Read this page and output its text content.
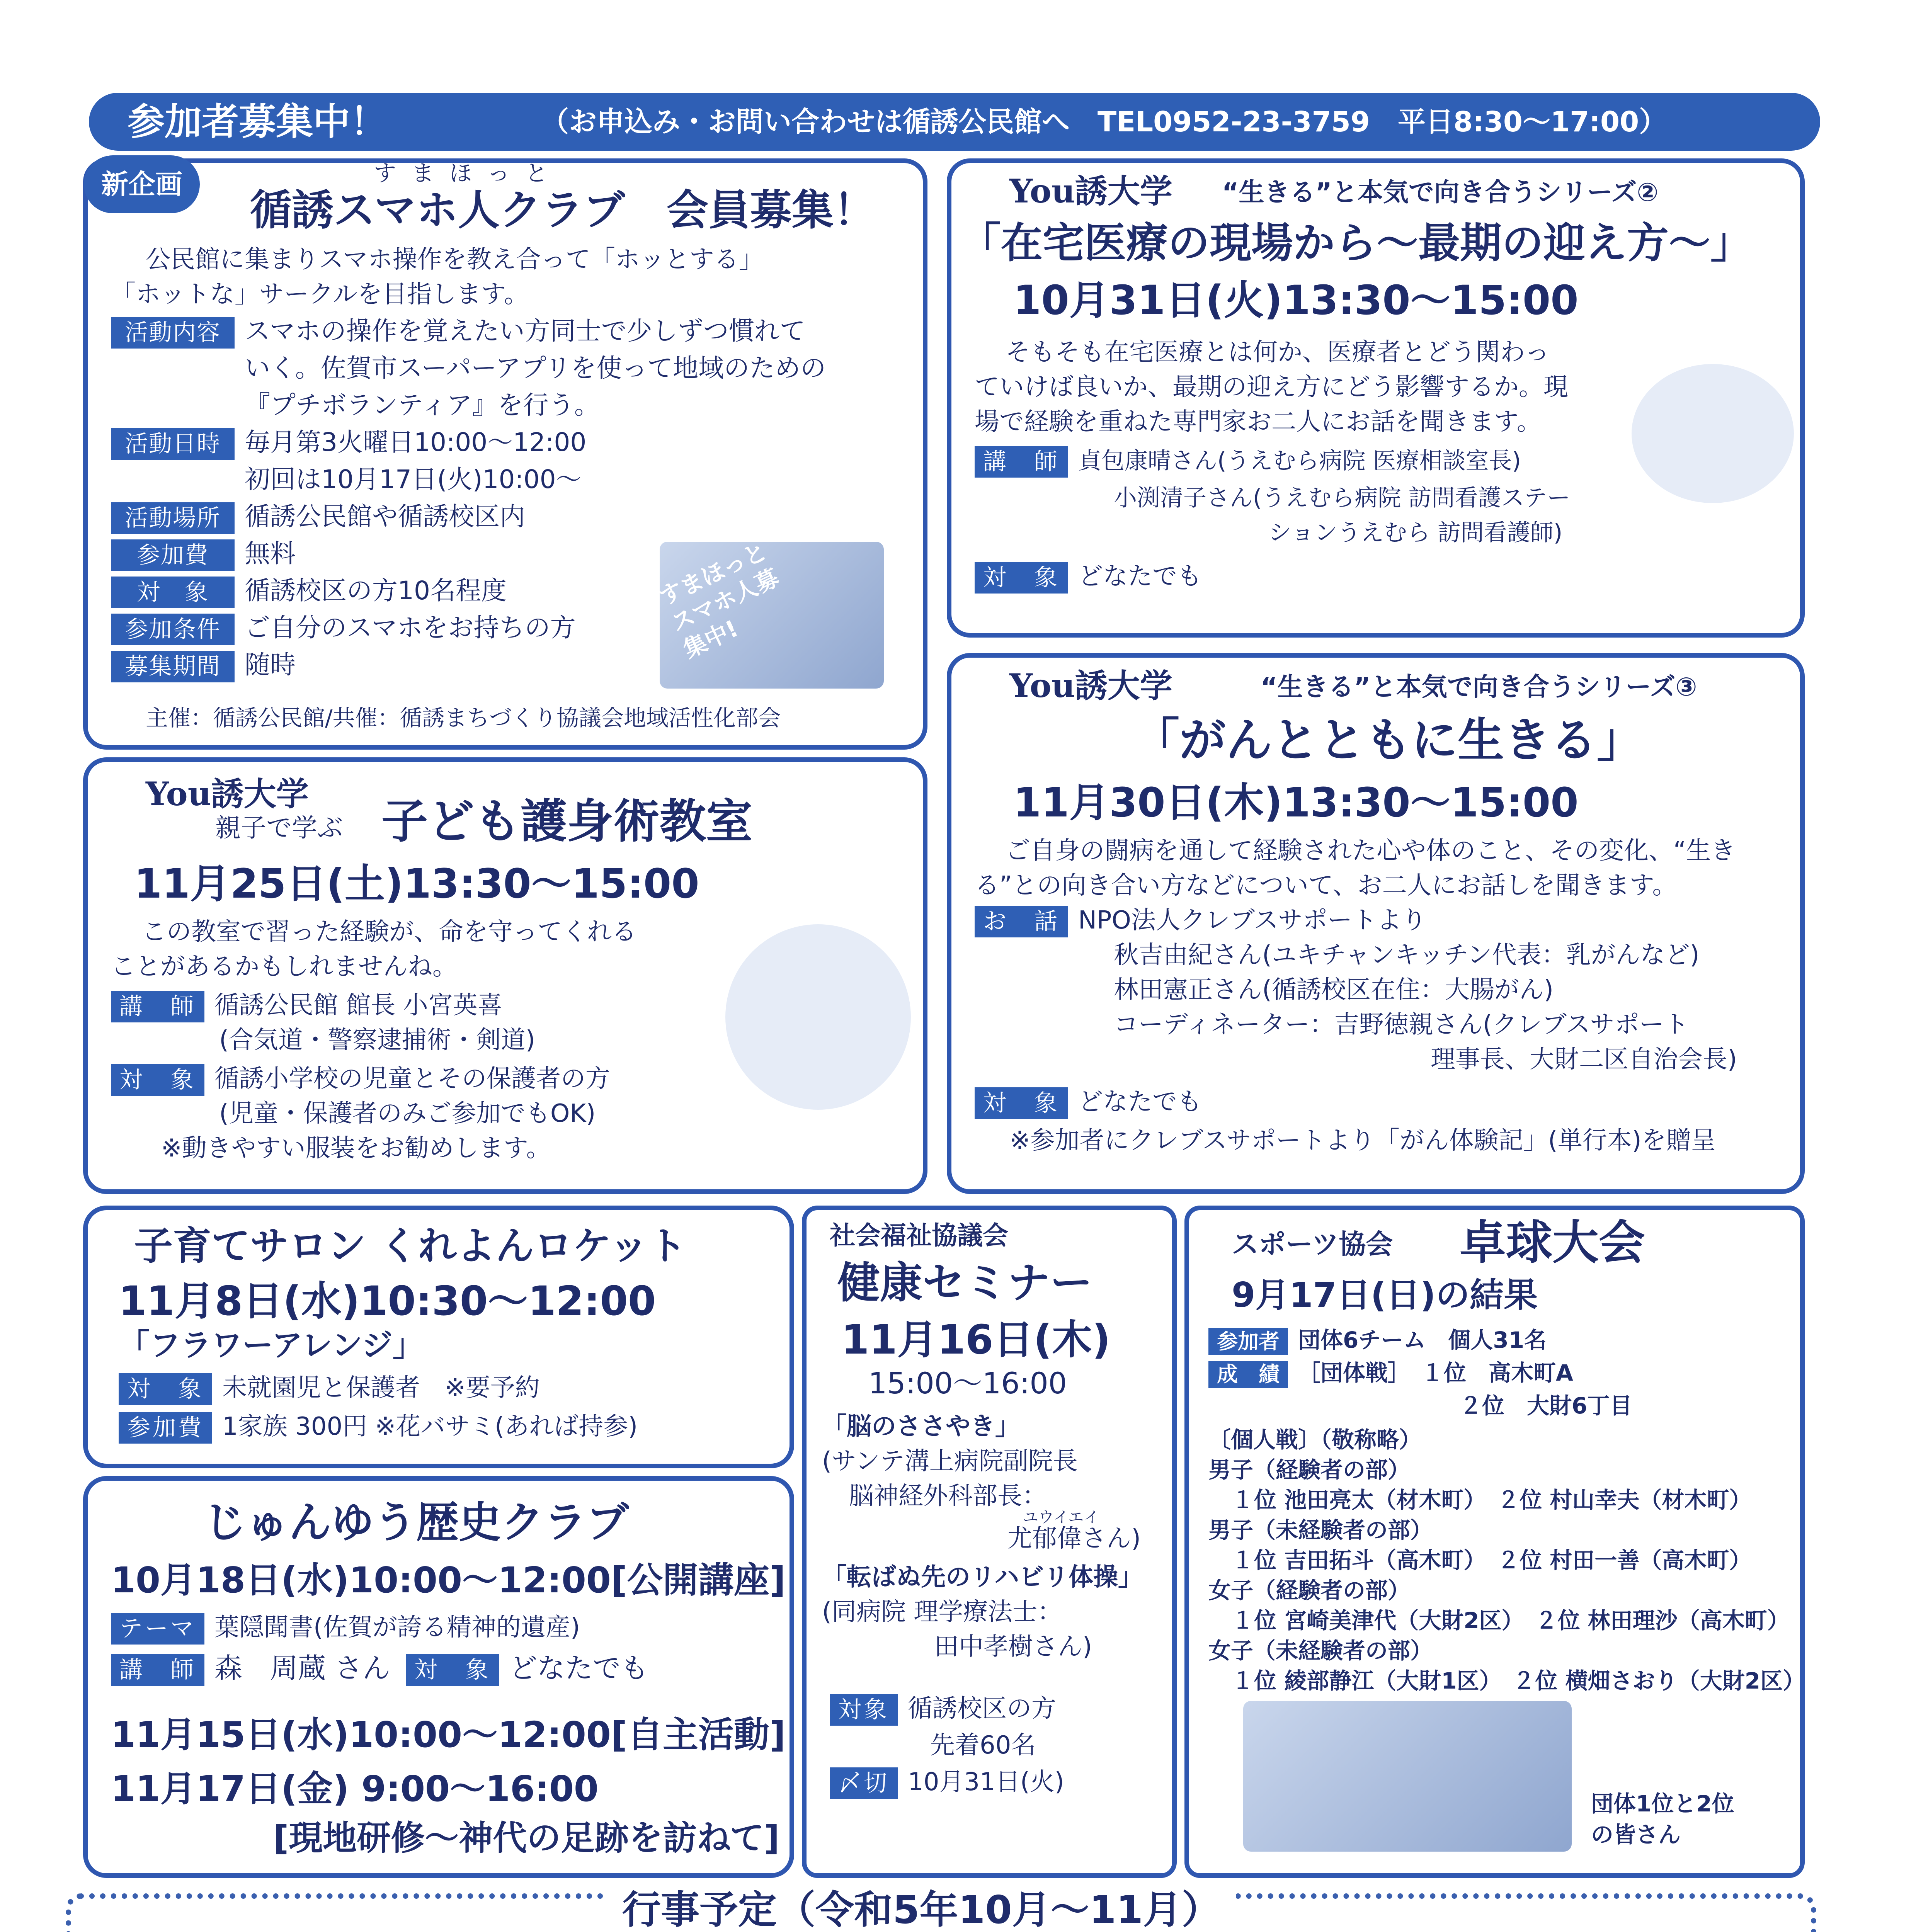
参加者募集中！	（お申込み・お問い合わせは循誘公民館へ　TEL0952-23-3759　平日8:30～17:00）
新企画	すまほっと
循誘スマホ人クラブ　会員募集！
公民館に集まりスマホ操作を教え合って「ホッとする」
「ホットな」サークルを目指します。
活動内容 スマホの操作を覚えたい方同士で少しずつ慣れて
いく。佐賀市スーパーアプリを使って地域のための
『プチボランティア』を行う。
活動日時 毎月第3火曜日10:00～12:00
初回は10月17日(火)10:00～
活動場所 循誘公民館や循誘校区内
参加費 無料
対　象 循誘校区の方10名程度
参加条件 ご自分のスマホをお持ちの方
募集期間 随時
すまほっとスマホ人募集中!
主催：循誘公民館/共催：循誘まちづくり協議会地域活性化部会
You誘大学 “生きる”と本気で向き合うシリーズ②
「在宅医療の現場から～最期の迎え方～」
10月31日(火)13:30～15:00
そもそも在宅医療とは何か、医療者とどう関わっ
ていけば良いか、最期の迎え方にどう影響するか。現
場で経験を重ねた専門家お二人にお話を聞きます。
講　師 貞包康晴さん(うえむら病院 医療相談室長)
小渕清子さん(うえむら病院 訪問看護ステー
ションうえむら 訪問看護師)
対　象 どなたでも
You誘大学	“生きる”と本気で向き合うシリーズ③
「がんとともに生きる」
11月30日(木)13:30～15:00
ご自身の闘病を通して経験された心や体のこと、その変化、“生き
る”との向き合い方などについて、お二人にお話しを聞きます。
お　話 NPO法人クレブスサポートより
秋吉由紀さん(ユキチャンキッチン代表：乳がんなど)
林田憲正さん(循誘校区在住：大腸がん)
コーディネーター：吉野徳親さん(クレブスサポート
理事長、大財二区自治会長)
対　象 どなたでも
※参加者にクレブスサポートより「がん体験記」(単行本)を贈呈
You誘大学
親子で学ぶ 子ども護身術教室
11月25日(土)13:30～15:00
この教室で習った経験が、命を守ってくれる
ことがあるかもしれませんね。
講　師 循誘公民館 館長 小宮英喜
(合気道・警察逮捕術・剣道)
対　象 循誘小学校の児童とその保護者の方
(児童・保護者のみご参加でもOK)
※動きやすい服装をお勧めします。
子育てサロン くれよんロケット
11月8日(水)10:30～12:00
「フラワーアレンジ」
対　象 未就園児と保護者　※要予約
参加費 1家族 300円 ※花バサミ(あれば持参)
じゅんゆう歴史クラブ
10月18日(水)10:00～12:00[公開講座]
テーマ 葉隠聞書(佐賀が誇る精神的遺産)
講　師 森　周蔵 さん 対　象 どなたでも
11月15日(水)10:00～12:00[自主活動]
11月17日(金) 9:00～16:00
[現地研修～神代の足跡を訪ねて]
社会福祉協議会
健康セミナー
11月16日(木)
15:00～16:00
「脳のささやき」
(サンテ溝上病院副院長
脳神経外科部長：
ユウイエイ
尤郁偉さん)
「転ばぬ先のリハビリ体操」
(同病院 理学療法士：
田中孝樹さん)
対象 循誘校区の方
先着60名
〆切 10月31日(火)
スポーツ協会 卓球大会
9月17日(日)の結果
参加者 団体6チーム　個人31名
成　績 ［団体戦］　１位　高木町A
２位　大財6丁目
〔個人戦〕（敬称略）
男子（経験者の部）
１位 池田亮太（材木町）　２位 村山幸夫（材木町）
男子（未経験者の部）
１位 吉田拓斗（高木町）　２位 村田一善（高木町）
女子（経験者の部）
１位 宮崎美津代（大財2区）　２位 林田理沙（高木町）
女子（未経験者の部）
１位 綾部静江（大財1区）　２位 横畑さおり（大財2区）
団体1位と2位
の皆さん
行事予定（令和5年10月～11月）
